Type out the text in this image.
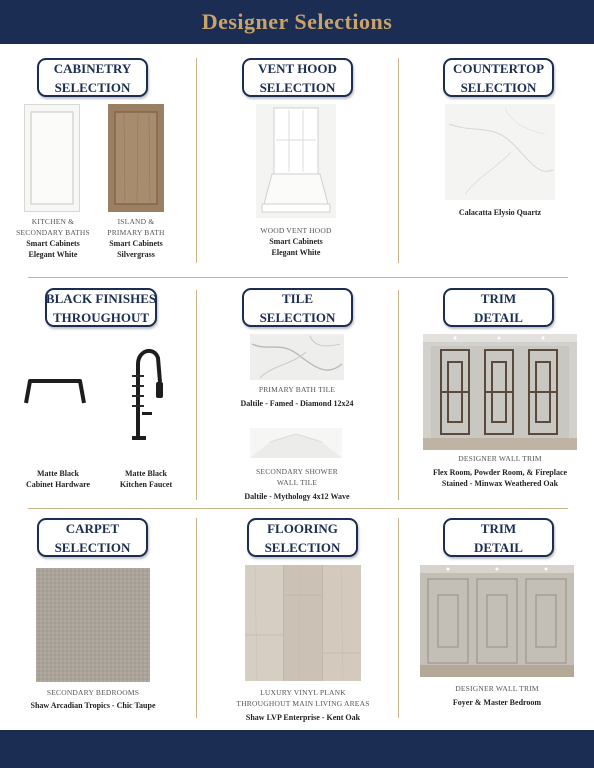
Designer Selections
CABINETRY
SELECTION
KITCHEN &
SECONDARY BATHS
Smart Cabinets
Elegant White
ISLAND &
PRIMARY BATH
Smart Cabinets
Silvergrass
VENT HOOD
SELECTION
WOOD VENT HOOD
Smart Cabinets
Elegant White
COUNTERTOP
SELECTION
Calacatta Elysio Quartz
BLACK FINISHES
THROUGHOUT
Matte Black
Cabinet Hardware
Matte Black
Kitchen Faucet
TILE
SELECTION
PRIMARY BATH TILE
Daltile - Famed - Diamond 12x24
SECONDARY SHOWER
WALL TILE
Daltile - Mythology 4x12 Wave
TRIM
DETAIL
DESIGNER WALL TRIM
Flex Room, Powder Room, & Fireplace
Stained - Minwax Weathered Oak
CARPET
SELECTION
SECONDARY BEDROOMS
Shaw Arcadian Tropics - Chic Taupe
FLOORING
SELECTION
LUXURY VINYL PLANK
THROUGHOUT MAIN LIVING AREAS
Shaw LVP Enterprise - Kent Oak
TRIM
DETAIL
DESIGNER WALL TRIM
Foyer & Master Bedroom
